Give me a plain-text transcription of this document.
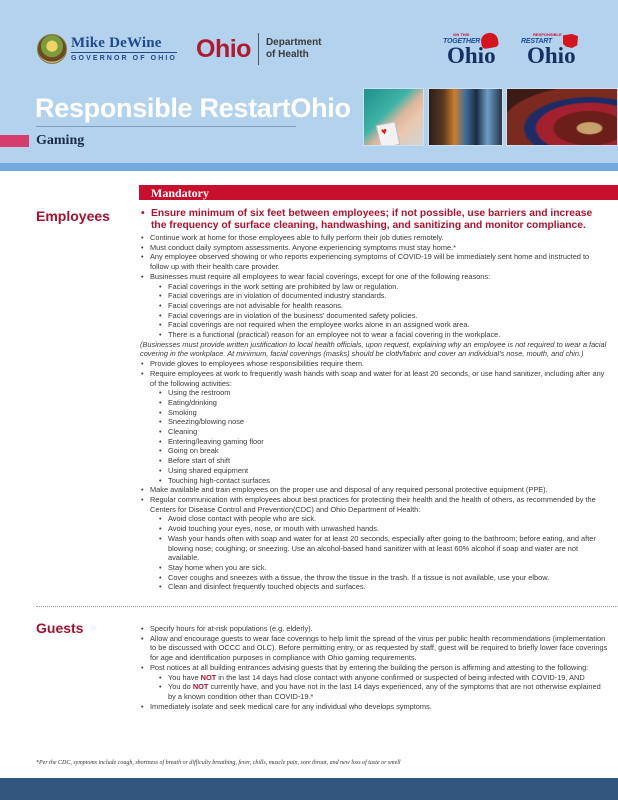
Mike DeWine
GOVERNOR OF OHIO Ohio Department
of Health
#IN THIS
TOGETHER
Ohio
RESPONSIBLE
RESTART
Ohio
Responsible RestartOhio
Gaming
♥
Mandatory
Employees	• Ensure minimum of six feet between employees; if not possible, use barriers and increase the frequency of surface cleaning, handwashing, and sanitizing and monitor compliance.
• Continue work at home for those employees able to fully perform their job duties remotely.
• Must conduct daily symptom assessments. Anyone experiencing symptoms must stay home.*
• Any employee observed showing or who reports experiencing symptoms of COVID-19 will be immediately sent home and instructed to follow up with their health care provider.
• Businesses must require all employees to wear facial coverings, except for one of the following reasons:
• Facial coverings in the work setting are prohibited by law or regulation.
• Facial coverings are in violation of documented industry standards.
• Facial coverings are not advisable for health reasons.
• Facial coverings are in violation of the business' documented safety policies.
• Facial coverings are not required when the employee works alone in an assigned work area.
• There is a functional (practical) reason for an employee not to wear a facial covering in the workplace.
(Businesses must provide written justification to local health officials, upon request, explaining why an employee is not required to wear a facial covering in the workplace. At minimum, facial coverings (masks) should be cloth/fabric and cover an individual's nose, mouth, and chin.)
• Provide gloves to employees whose responsibilities require them.
• Require employees at work to frequently wash hands with soap and water for at least 20 seconds, or use hand sanitizer, including after any of the following activities:
• Using the restroom
• Eating/drinking
• Smoking
• Sneezing/blowing nose
• Cleaning
• Entering/leaving gaming floor
• Going on break
• Before start of shift
• Using shared equipment
• Touching high-contact surfaces
• Make available and train employees on the proper use and disposal of any required personal protective equipment (PPE).
• Regular communication with employees about best practices for protecting their health and the health of others, as recommended by the Centers for Disease Control and Prevention(CDC) and Ohio Department of Health:
• Avoid close contact with people who are sick.
• Avoid touching your eyes, nose, or mouth with unwashed hands.
• Wash your hands often with soap and water for at least 20 seconds, especially after going to the bathroom; before eating, and after blowing nose; coughing; or sneezing. Use an alcohol-based hand sanitizer with at least 60% alcohol if soap and water are not available.
• Stay home when you are sick.
• Cover coughs and sneezes with a tissue, the throw the tissue in the trash. If a tissue is not available, use your elbow.
• Clean and disinfect frequently touched objects and surfaces.
Guests	• Specify hours for at-risk populations (e.g. elderly).
• Allow and encourage guests to wear face coverings to help limit the spread of the virus per public health recommendations (implementation to be discussed with OCCC and OLC). Before permitting entry, or as requested by staff, guest will be required to briefly lower face coverings for age and identification purposes in compliance with Ohio gaming requirements.
• Post notices at all building entrances advising guests that by entering the building the person is affirming and attesting to the following:
• You have NOT in the last 14 days had close contact with anyone confirmed or suspected of being infected with COVID-19, AND
• You do NOT currently have, and you have not in the last 14 days experienced, any of the symptoms that are not otherwise explained by a known condition other than COVID-19.*
• Immediately isolate and seek medical care for any individual who develops symptoms.
*Per the CDC, symptoms include cough, shortness of breath or difficulty breathing, fever, chills, muscle pain, sore throat, and new loss of taste or smell
